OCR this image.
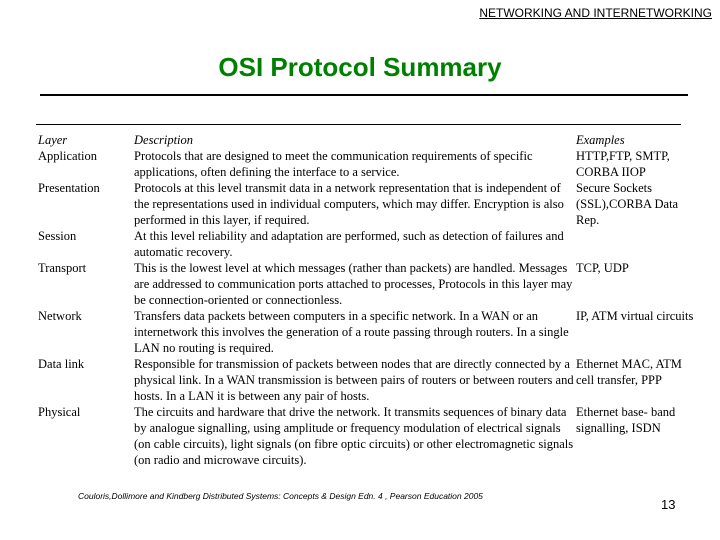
NETWORKING AND INTERNETWORKING
OSI Protocol Summary
Layer	Description	Examples
Application	Protocols that are designed to meet the communication requirements of specific applications, often defining the interface to a service.	HTTP,FTP, SMTP, CORBA IIOP
Presentation	Protocols at this level transmit data in a network representation that is independent of the representations used in individual computers, which may differ. Encryption is also performed in this layer, if required.	Secure Sockets (SSL),CORBA Data Rep.
Session	At this level reliability and adaptation are performed, such as detection of failures and automatic recovery.	
Transport	This is the lowest level at which messages (rather than packets) are handled. Messages are addressed to communication ports attached to processes, Protocols in this layer may be connection-oriented or connectionless.	TCP, UDP
Network	Transfers data packets between computers in a specific network. In a WAN or an internetwork this involves the generation of a route passing through routers. In a single LAN no routing is required.	IP, ATM virtual circuits
Data link	Responsible for transmission of packets between nodes that are directly connected by a physical link. In a WAN transmission is between pairs of routers or between routers and hosts. In a LAN it is between any pair of hosts.	Ethernet MAC, ATM cell transfer, PPP
Physical	The circuits and hardware that drive the network. It transmits sequences of binary data by analogue signalling, using amplitude or frequency modulation of electrical signals (on cable circuits), light signals (on fibre optic circuits) or other electromagnetic signals (on radio and microwave circuits).	Ethernet base- band signalling, ISDN
Couloris,Dollimore and Kindberg Distributed Systems: Concepts & Design Edn. 4 , Pearson Education 2005
13
